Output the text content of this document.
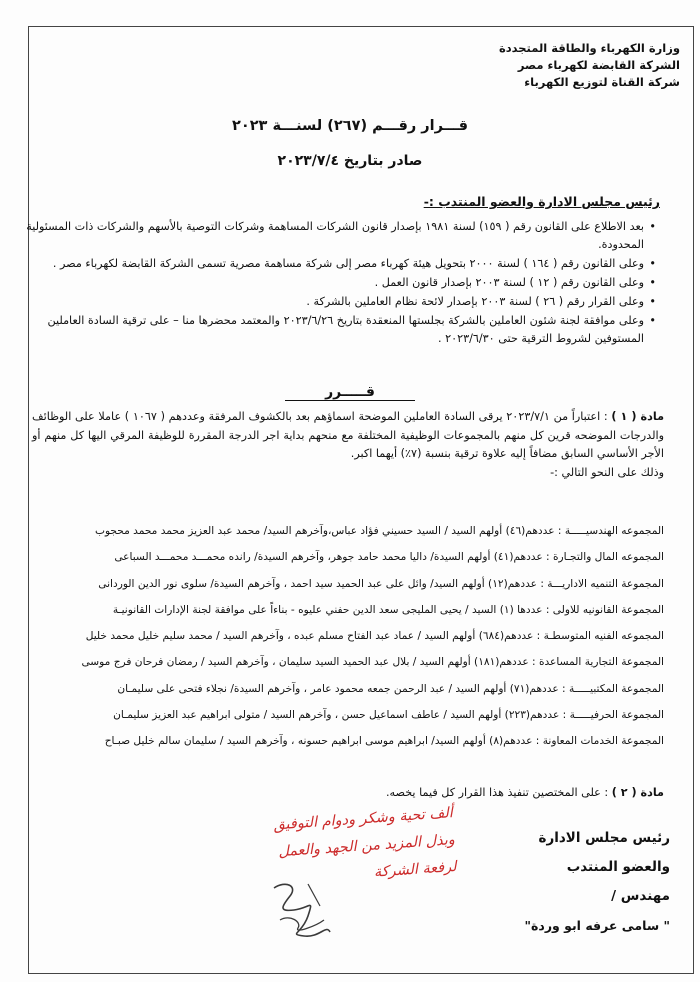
وزارة الكهرباء والطاقة المتجددة
الشركة القابضة لكهرباء مصر
شركة القناة لتوزيع الكهرباء
قـــرار رقـــم (٢٦٧) لسنـــة ٢٠٢٣
صادر بتاريخ ٢٠٢٣/٧/٤
رئيس مجلس الادارة والعضو المنتدب :-
• بعد الاطلاع على القانون رقم ( ١٥٩) لسنة ١٩٨١ بإصدار قانون الشركات المساهمة وشركات التوصية بالأسهم والشركات ذات المسئولية المحدودة.
• وعلى القانون رقم ( ١٦٤ ) لسنة ٢٠٠٠ بتحويل هيئة كهرباء مصر إلى شركة مساهمة مصرية تسمى الشركة القابضة لكهرباء مصر .
• وعلى القانون رقم ( ١٢ ) لسنة ٢٠٠٣ بإصدار قانون العمل .
• وعلى القرار رقم ( ٢٦ ) لسنة ٢٠٠٣ بإصدار لائحة نظام العاملين بالشركة .
• وعلى موافقة لجنة شئون العاملين بالشركة بجلستها المنعقدة بتاريخ ٢٠٢٣/٦/٢٦ والمعتمد محضرها منا – على ترقية السادة العاملين المستوفين لشروط الترقية حتى ٢٠٢٣/٦/٣٠ .
قـــــرر
مادة ( ١ ) : اعتباراً من ٢٠٢٣/٧/١ يرقى السادة العاملين الموضحة اسماؤهم بعد بالكشوف المرفقة وعددهم ( ١٠٦٧ ) عاملا على الوظائف والدرجات الموضحه قرين كل منهم بالمجموعات الوظيفية المختلفة مع منحهم بداية اجر الدرجة المقررة للوظيفة المرقي اليها كل منهم أو الأجر الأساسي السابق مضافاً إليه علاوة ترقية بنسبة (٧٪) أيهما اكبر.
وذلك على النحو التالي :-
المجموعه الهندسيـــــة : عددهم(٤٦) أولهم السيد / السيد حسيني فؤاد عباس،وآخرهم السيد/ محمد عبد العزيز محمد محمد محجوب
المجموعه المال والتجـارة : عددهم(٤١) أولهم السيدة/ داليا محمد حامد جوهر، وآخرهم السيدة/ رانده محمـــد محمـــد السباعى
المجموعة التنميه الاداريـــة : عددهم(١٢) أولهم السيد/ وائل على عبد الحميد سيد احمد ، وآخرهم السيدة/ سلوى نور الدين الوردانى
المجموعة القانونيه للاولى : عددها (١) السيد / يحيى المليجى سعد الدين حفني عليوه - بناءاً على موافقة لجنة الإدارات القانونيـة
المجموعه الفنيه المتوسطـة : عددهم(٦٨٤) أولهم السيد / عماد عبد الفتاح مسلم عبده ، وآخرهم السيد / محمد سليم خليل محمد خليل
المجموعة التجارية المساعدة : عددهم(١٨١) أولهم السيد / بلال عبد الحميد السيد سليمان ، وآخرهم السيد / رمضان فرحان فرج موسى
المجموعة المكتبيـــــة : عددهم(٧١) أولهم السيد / عبد الرحمن جمعه محمود عامر ، وآخرهم السيدة/ نجلاء فتحى على سليمـان
المجموعة الحرفيـــــة : عددهم(٢٢٣) أولهم السيد / عاطف اسماعيل حسن ، وآخرهم السيد / متولى ابراهيم عبد العزيز سليمـان
المجموعة الخدمات المعاونة : عددهم(٨) أولهم السيد/ ابراهيم موسى ابراهيم حسونه ، وآخرهم السيد / سليمان سالم خليل صبـاح
مادة ( ٢ ) : على المختصين تنفيذ هذا القرار كل فيما يخصه.
رئيس مجلس الادارة
والعضو المنتدب
مهندس /
" سامى عرفه ابو وردة"
ألف تحية وشكر ودوام التوفيق
وبذل المزيد من الجهد والعمل
لرفعة الشركة
